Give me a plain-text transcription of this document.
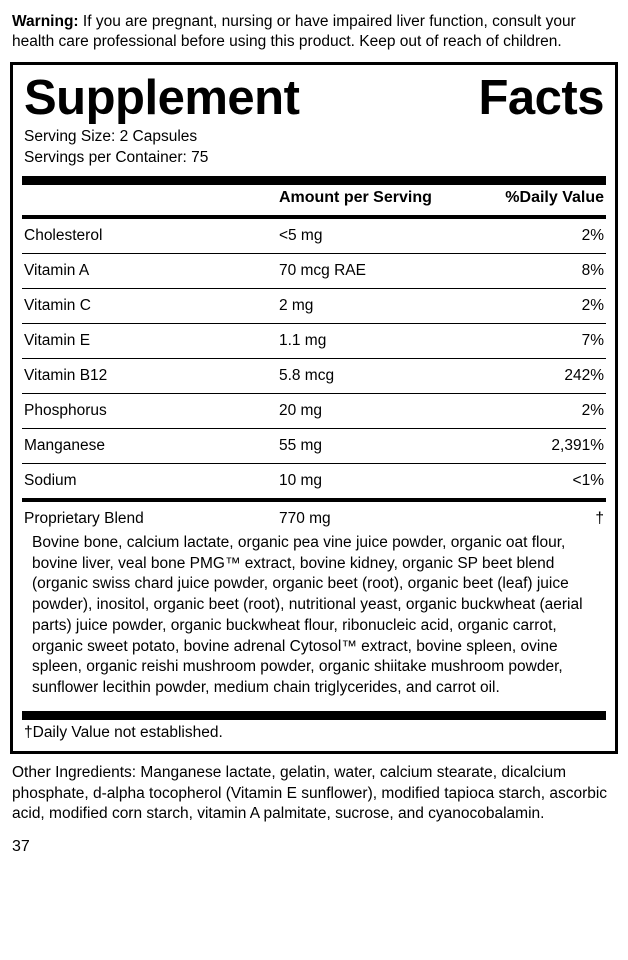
Warning: If you are pregnant, nursing or have impaired liver function, consult your health care professional before using this product. Keep out of reach of children.

Supplement	Facts
Serving Size: 2 Capsules
Servings per Container: 75
	Amount per Serving	%Daily Value

Cholesterol	<5 mg	2%

Vitamin A	70 mcg RAE	8%

Vitamin C	2 mg	2%

Vitamin E	1.1 mg	7%

Vitamin B12	5.8 mcg	242%

Phosphorus	20 mg	2%

Manganese	55 mg	2,391%

Sodium	10 mg	<1%

Proprietary Blend	770 mg	†
Bovine bone, calcium lactate, organic pea vine juice powder, organic oat flour, bovine liver, veal bone PMG™ extract, bovine kidney, organic SP beet blend (organic swiss chard juice powder, organic beet (root), organic beet (leaf) juice powder), inositol, organic beet (root), nutritional yeast, organic buckwheat (aerial parts) juice powder, organic buckwheat flour, ribonucleic acid, organic carrot, organic sweet potato, bovine adrenal Cytosol™ extract, bovine spleen, ovine spleen, organic reishi mushroom powder, organic shiitake mushroom powder, sunflower lecithin powder, medium chain triglycerides, and carrot oil.
†Daily Value not established.

Other Ingredients: Manganese lactate, gelatin, water, calcium stearate, dicalcium phosphate, d-alpha tocopherol (Vitamin E sunflower), modified tapioca starch, ascorbic acid, modified corn starch, vitamin A palmitate, sucrose, and cyanocobalamin.

37
